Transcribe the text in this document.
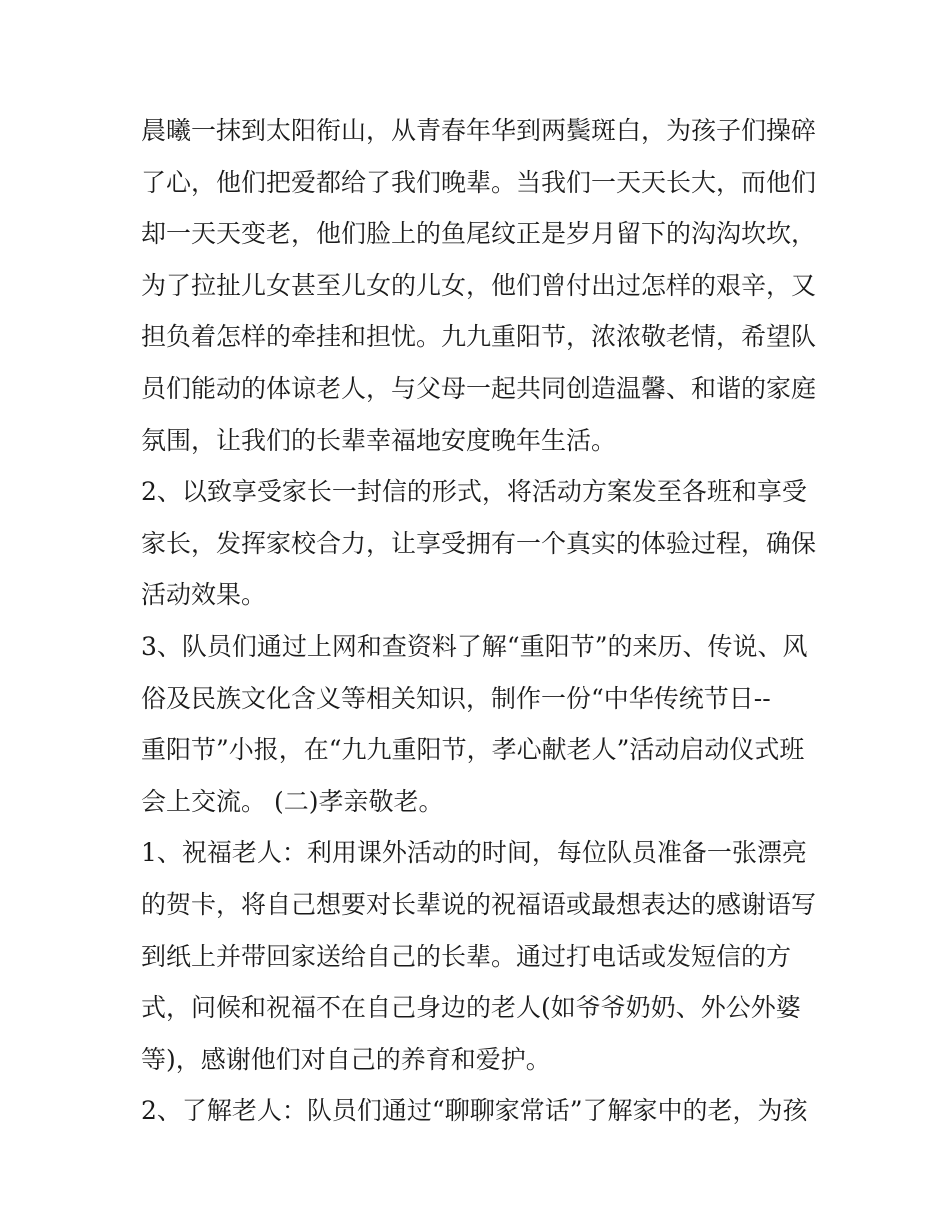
晨曦一抹到太阳衔山，从青春年华到两鬓斑白，为孩子们操碎
了心，他们把爱都给了我们晚辈。当我们一天天长大，而他们
却一天天变老，他们脸上的鱼尾纹正是岁月留下的沟沟坎坎，
为了拉扯儿女甚至儿女的儿女，他们曾付出过怎样的艰辛，又
担负着怎样的牵挂和担忧。九九重阳节，浓浓敬老情，希望队
员们能动的体谅老人，与父母一起共同创造温馨、和谐的家庭
氛围，让我们的长辈幸福地安度晚年生活。
2、以致享受家长一封信的形式，将活动方案发至各班和享受
家长，发挥家校合力，让享受拥有一个真实的体验过程，确保
活动效果。
3、队员们通过上网和查资料了解“重阳节”的来历、传说、风
俗及民族文化含义等相关知识，制作一份“中华传统节日--
重阳节”小报，在“九九重阳节，孝心献老人”活动启动仪式班
会上交流。 (二)孝亲敬老。
1、祝福老人：利用课外活动的时间，每位队员准备一张漂亮
的贺卡，将自己想要对长辈说的祝福语或最想表达的感谢语写
到纸上并带回家送给自己的长辈。通过打电话或发短信的方
式，问候和祝福不在自己身边的老人(如爷爷奶奶、外公外婆
等)，感谢他们对自己的养育和爱护。
2、了解老人：队员们通过“聊聊家常话”了解家中的老，为孩
